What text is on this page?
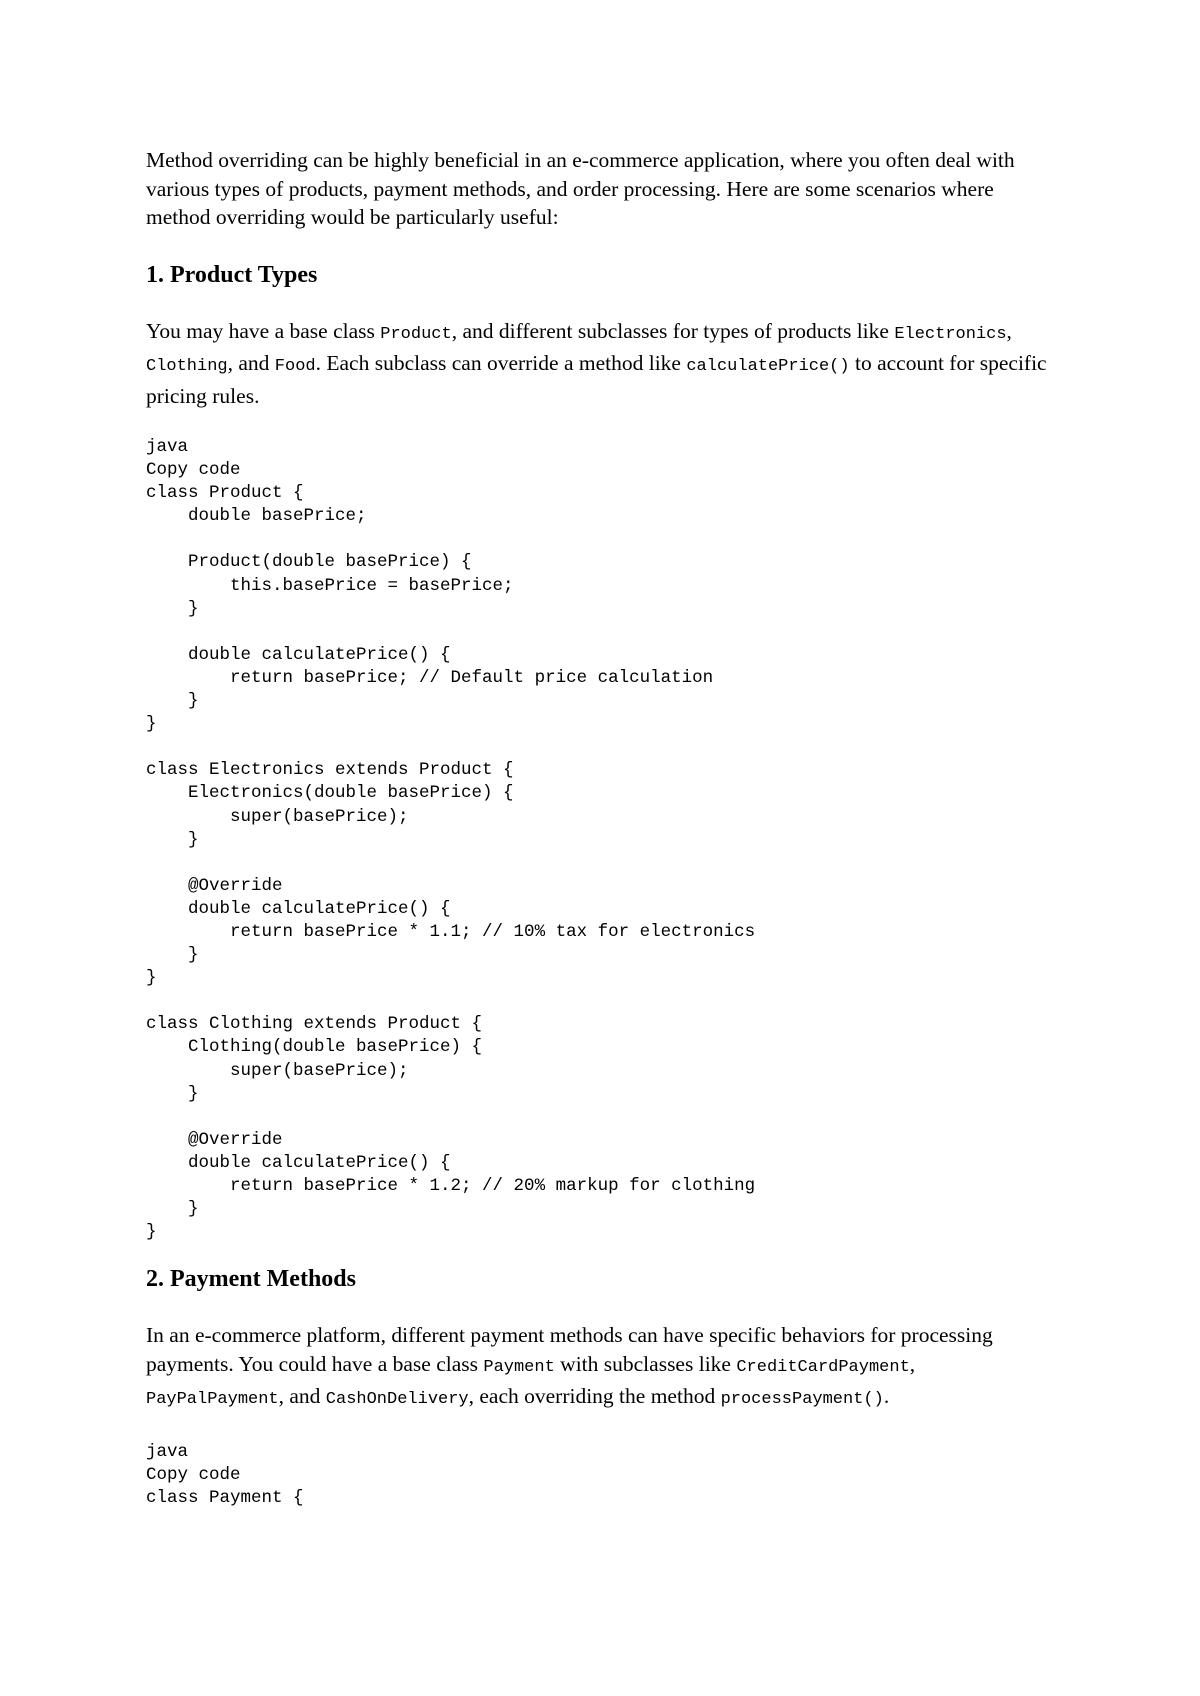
Method overriding can be highly beneficial in an e-commerce application, where you often deal with various types of products, payment methods, and order processing. Here are some scenarios where method overriding would be particularly useful:

1. Product Types

You may have a base class Product, and different subclasses for types of products like Electronics, Clothing, and Food. Each subclass can override a method like calculatePrice() to account for specific pricing rules.

java
Copy code
class Product {
double basePrice;
Product(double basePrice) {
this.basePrice = basePrice;
}
double calculatePrice() {
return basePrice; // Default price calculation
}
}
class Electronics extends Product {
Electronics(double basePrice) {
super(basePrice);
}
@Override
double calculatePrice() {
return basePrice * 1.1; // 10% tax for electronics
}
}
class Clothing extends Product {
Clothing(double basePrice) {
super(basePrice);
}
@Override
double calculatePrice() {
return basePrice * 1.2; // 20% markup for clothing
}
}
2. Payment Methods

In an e-commerce platform, different payment methods can have specific behaviors for processing payments. You could have a base class Payment with subclasses like CreditCardPayment, PayPalPayment, and CashOnDelivery, each overriding the method processPayment().

java
Copy code
class Payment {
